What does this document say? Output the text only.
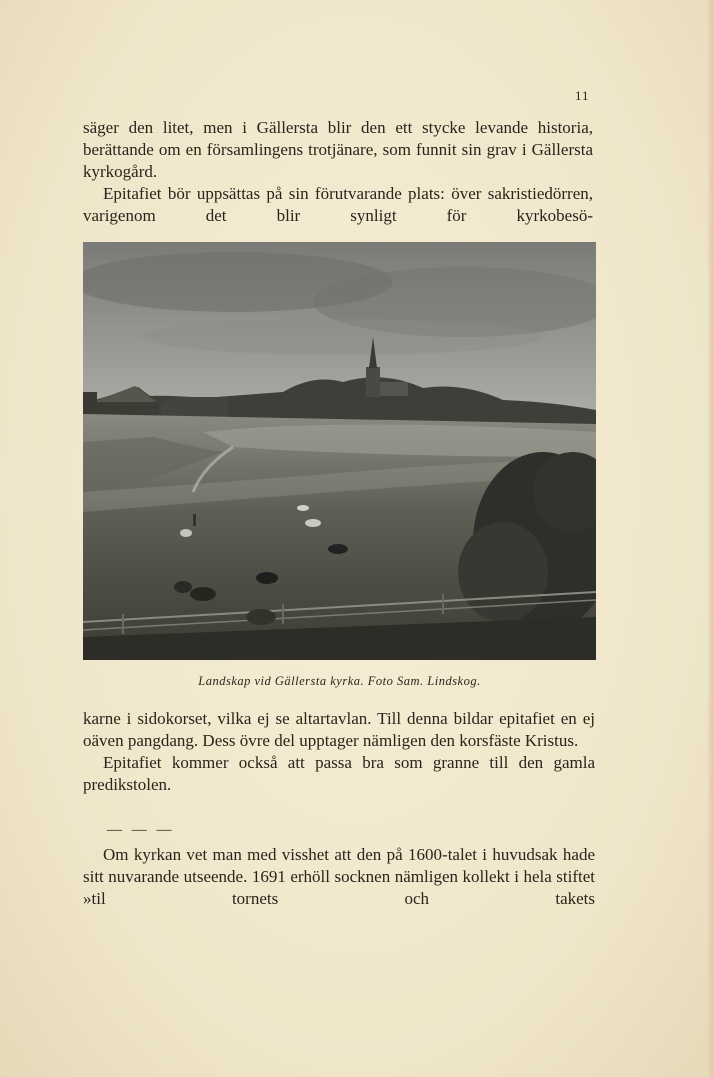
11

säger den litet, men i Gällersta blir den ett stycke levande historia, berättande om en församlingens trotjänare, som funnit sin grav i Gällersta kyrkogård.

Epitafiet bör uppsättas på sin förutvarande plats: över sakristiedörren, varigenom det blir synligt för kyrkobesö-

Landskap vid Gällersta kyrka. Foto Sam. Lindskog.

karne i sidokorset, vilka ej se altartavlan. Till denna bildar epitafiet en ej oäven pangdang. Dess övre del upptager nämligen den korsfäste Kristus.

Epitafiet kommer också att passa bra som granne till den gamla predikstolen.

— — —

Om kyrkan vet man med visshet att den på 1600-talet i huvudsak hade sitt nuvarande utseende. 1691 erhöll socknen nämligen kollekt i hela stiftet »til tornets och takets
